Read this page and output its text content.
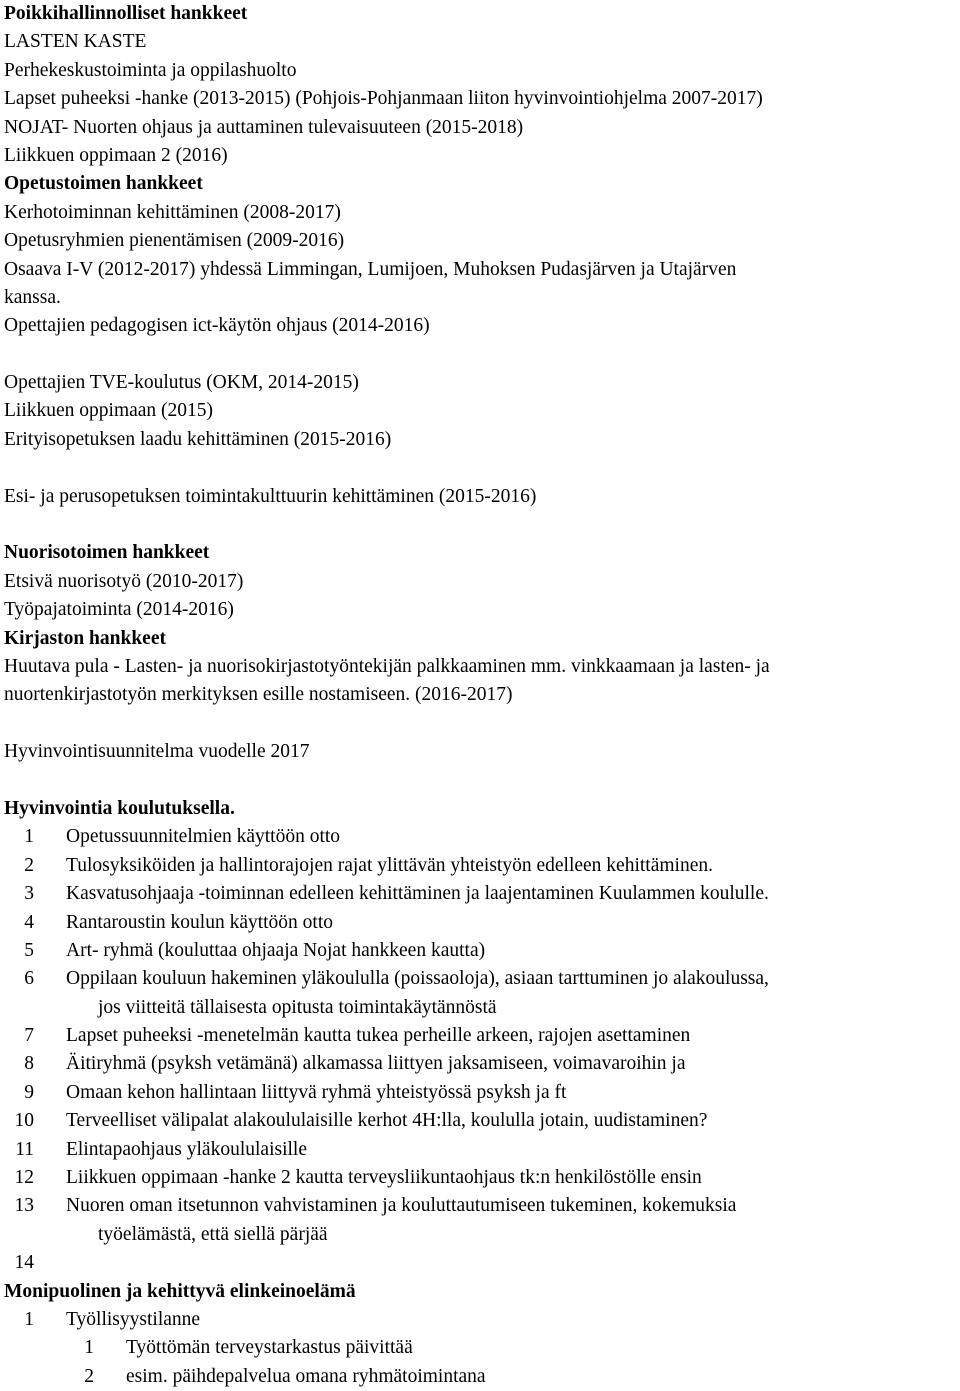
Poikkihallinnolliset hankkeet
LASTEN KASTE
Perhekeskustoiminta ja oppilashuolto
Lapset puheeksi -hanke (2013-2015) (Pohjois-Pohjanmaan liiton hyvinvointiohjelma 2007-2017)
NOJAT- Nuorten ohjaus ja auttaminen tulevaisuuteen (2015-2018)
Liikkuen oppimaan 2 (2016)
Opetustoimen hankkeet
Kerhotoiminnan kehittäminen (2008-2017)
Opetusryhmien pienentämisen (2009-2016)
Osaava I-V (2012-2017) yhdessä Limmingan, Lumijoen, Muhoksen Pudasjärven ja Utajärven
kanssa.
Opettajien pedagogisen ict-käytön ohjaus (2014-2016)
Opettajien TVE-koulutus (OKM, 2014-2015)
Liikkuen oppimaan (2015)
Erityisopetuksen laadu kehittäminen (2015-2016)
Esi- ja perusopetuksen toimintakulttuurin kehittäminen (2015-2016)
Nuorisotoimen hankkeet
Etsivä nuorisotyö (2010-2017)
Työpajatoiminta (2014-2016)
Kirjaston hankkeet
Huutava pula - Lasten- ja nuorisokirjastotyöntekijän palkkaaminen mm. vinkkaamaan ja lasten- ja
nuortenkirjastotyön merkityksen esille nostamiseen. (2016-2017)
Hyvinvointisuunnitelma vuodelle 2017
Hyvinvointia koulutuksella.
1	Opetussuunnitelmien käyttöön otto
2	Tulosyksiköiden ja hallintorajojen rajat ylittävän yhteistyön edelleen kehittäminen.
3	Kasvatusohjaaja -toiminnan edelleen kehittäminen ja laajentaminen Kuulammen koululle.
4	Rantaroustin koulun käyttöön otto
5	Art- ryhmä (kouluttaa ohjaaja Nojat hankkeen kautta)
6	Oppilaan kouluun hakeminen yläkoululla (poissaoloja), asiaan tarttuminen jo alakoulussa,
jos viitteitä tällaisesta opitusta toimintakäytännöstä
7	Lapset puheeksi -menetelmän kautta tukea perheille arkeen, rajojen asettaminen
8	Äitiryhmä (psyksh vetämänä) alkamassa liittyen jaksamiseen, voimavaroihin ja
9	Omaan kehon hallintaan liittyvä ryhmä yhteistyössä psyksh ja ft
10	Terveelliset välipalat alakoululaisille kerhot 4H:lla, koululla jotain, uudistaminen?
11	Elintapaohjaus yläkoululaisille
12	Liikkuen oppimaan -hanke 2 kautta terveysliikuntaohjaus tk:n henkilöstölle ensin
13	Nuoren oman itsetunnon vahvistaminen ja kouluttautumiseen tukeminen, kokemuksia
työelämästä, että siellä pärjää
14
Monipuolinen ja kehittyvä elinkeinoelämä
1	Työllisyystilanne
1	Työttömän terveystarkastus päivittää
2	esim. päihdepalvelua omana ryhmätoimintana
